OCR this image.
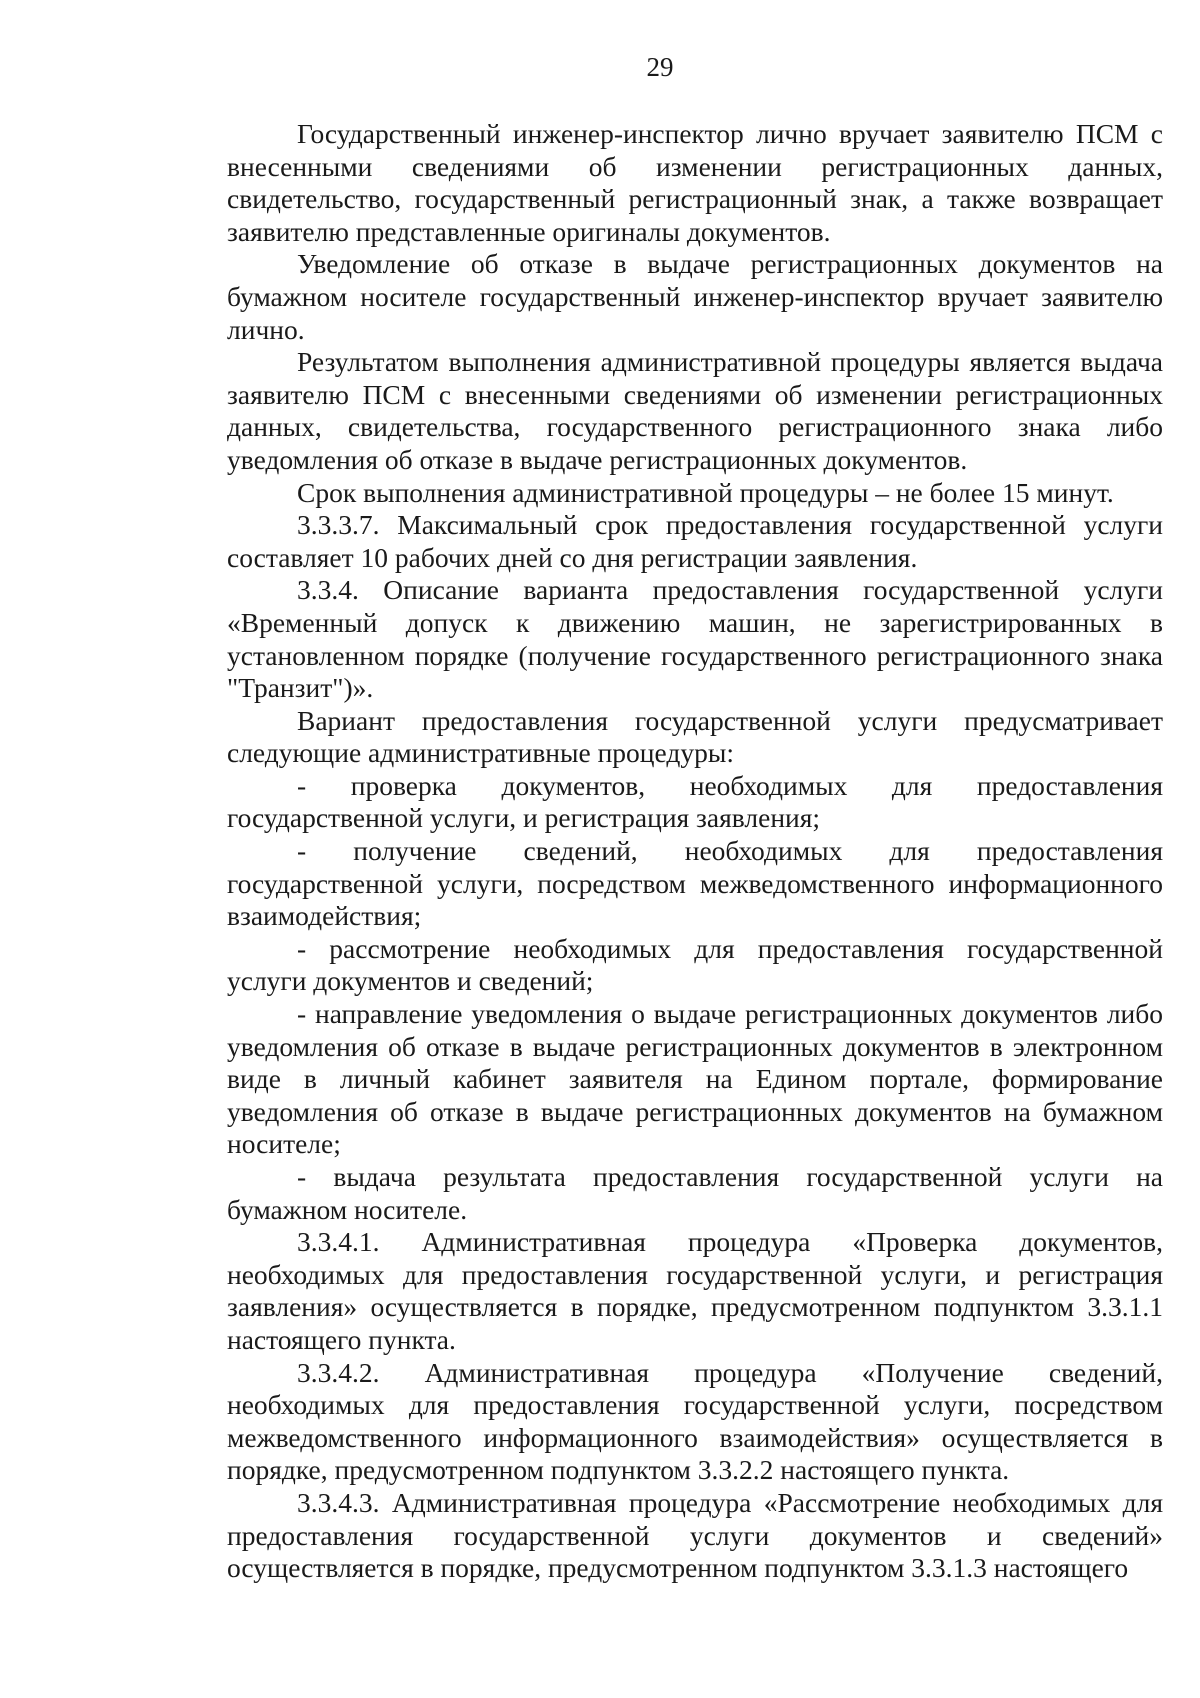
29

Государственный инженер-инспектор лично вручает заявителю ПСМ с внесенными сведениями об изменении регистрационных данных, свидетельство, государственный регистрационный знак, а также возвращает заявителю представленные оригиналы документов.

Уведомление об отказе в выдаче регистрационных документов на бумажном носителе государственный инженер-инспектор вручает заявителю лично.

Результатом выполнения административной процедуры является выдача заявителю ПСМ с внесенными сведениями об изменении регистрационных данных, свидетельства, государственного регистрационного знака либо уведомления об отказе в выдаче регистрационных документов.

Срок выполнения административной процедуры – не более 15 минут.

3.3.3.7. Максимальный срок предоставления государственной услуги составляет 10 рабочих дней со дня регистрации заявления.

3.3.4. Описание варианта предоставления государственной услуги «Временный допуск к движению машин, не зарегистрированных в установленном порядке (получение государственного регистрационного знака "Транзит")».

Вариант предоставления государственной услуги предусматривает следующие административные процедуры:

- проверка документов, необходимых для предоставления государственной услуги, и регистрация заявления;

- получение сведений, необходимых для предоставления государственной услуги, посредством межведомственного информационного взаимодействия;

- рассмотрение необходимых для предоставления государственной услуги документов и сведений;

- направление уведомления о выдаче регистрационных документов либо уведомления об отказе в выдаче регистрационных документов в электронном виде в личный кабинет заявителя на Едином портале, формирование уведомления об отказе в выдаче регистрационных документов на бумажном носителе;

- выдача результата предоставления государственной услуги на бумажном носителе.

3.3.4.1. Административная процедура «Проверка документов, необходимых для предоставления государственной услуги, и регистрация заявления» осуществляется в порядке, предусмотренном подпунктом 3.3.1.1 настоящего пункта.

3.3.4.2. Административная процедура «Получение сведений, необходимых для предоставления государственной услуги, посредством межведомственного информационного взаимодействия» осуществляется в порядке, предусмотренном подпунктом 3.3.2.2 настоящего пункта.

3.3.4.3. Административная процедура «Рассмотрение необходимых для предоставления государственной услуги документов и сведений» осуществляется в порядке, предусмотренном подпунктом 3.3.1.3 настоящего
